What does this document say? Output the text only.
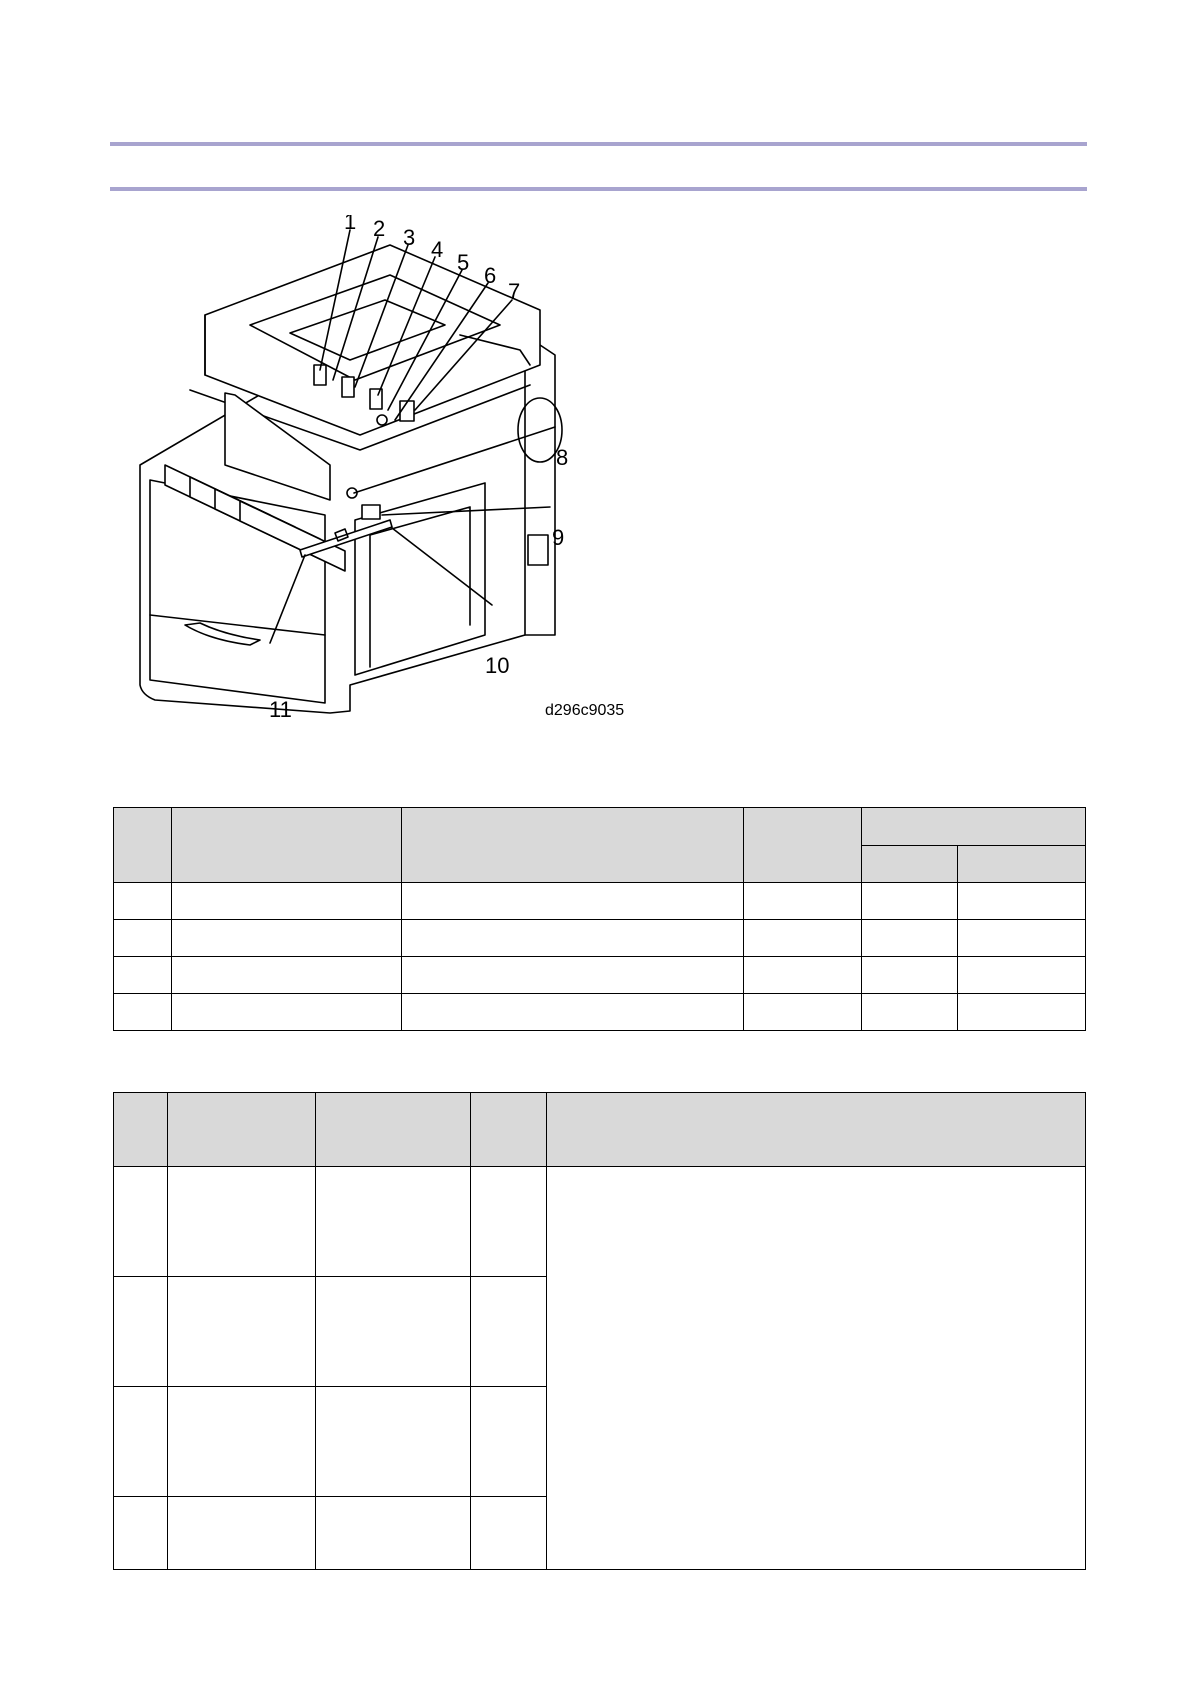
1 2 3 4
5
6
7
8
9
10
11	d296c9035
